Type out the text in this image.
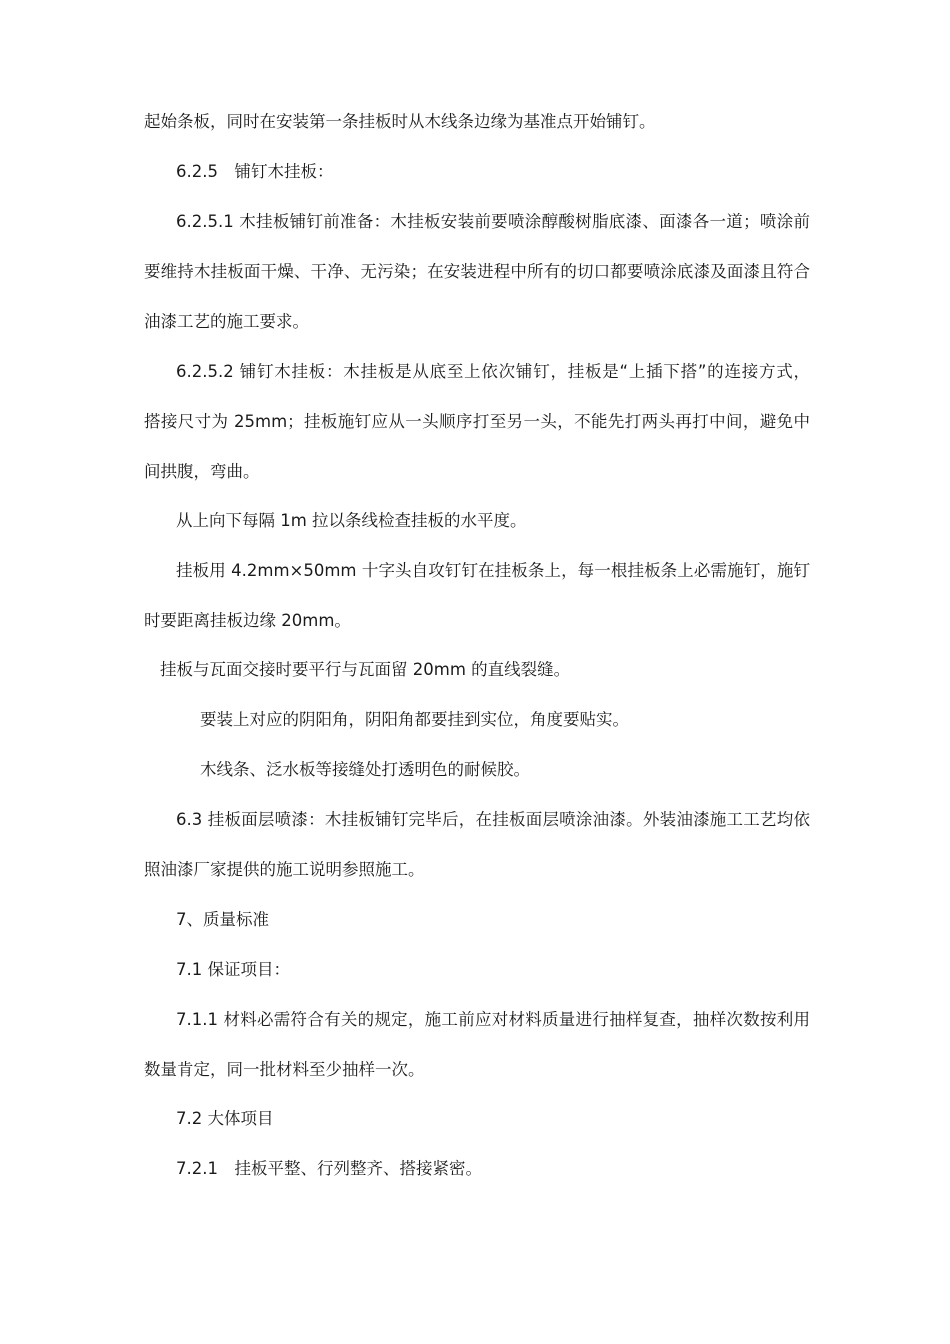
起始条板，同时在安装第一条挂板时从木线条边缘为基准点开始铺钉。
6.2.5　铺钉木挂板：
6.2.5.1 木挂板铺钉前准备：木挂板安装前要喷涂醇酸树脂底漆、面漆各一道；喷涂前
要维持木挂板面干燥、干净、无污染；在安装进程中所有的切口都要喷涂底漆及面漆且符合
油漆工艺的施工要求。
6.2.5.2 铺钉木挂板：木挂板是从底至上依次铺钉，挂板是“上插下搭”的连接方式，
搭接尺寸为 25mm；挂板施钉应从一头顺序打至另一头，不能先打两头再打中间，避免中
间拱腹，弯曲。
从上向下每隔 1m 拉以条线检查挂板的水平度。
挂板用 4.2mm×50mm 十字头自攻钉钉在挂板条上，每一根挂板条上必需施钉，施钉
时要距离挂板边缘 20mm。
挂板与瓦面交接时要平行与瓦面留 20mm 的直线裂缝。
要装上对应的阴阳角，阴阳角都要挂到实位，角度要贴实。
木线条、泛水板等接缝处打透明色的耐候胶。
6.3 挂板面层喷漆：木挂板铺钉完毕后，在挂板面层喷涂油漆。外装油漆施工工艺均依
照油漆厂家提供的施工说明参照施工。
7、质量标准
7.1 保证项目：
7.1.1 材料必需符合有关的规定，施工前应对材料质量进行抽样复查，抽样次数按利用
数量肯定，同一批材料至少抽样一次。
7.2 大体项目
7.2.1　挂板平整、行列整齐、搭接紧密。
